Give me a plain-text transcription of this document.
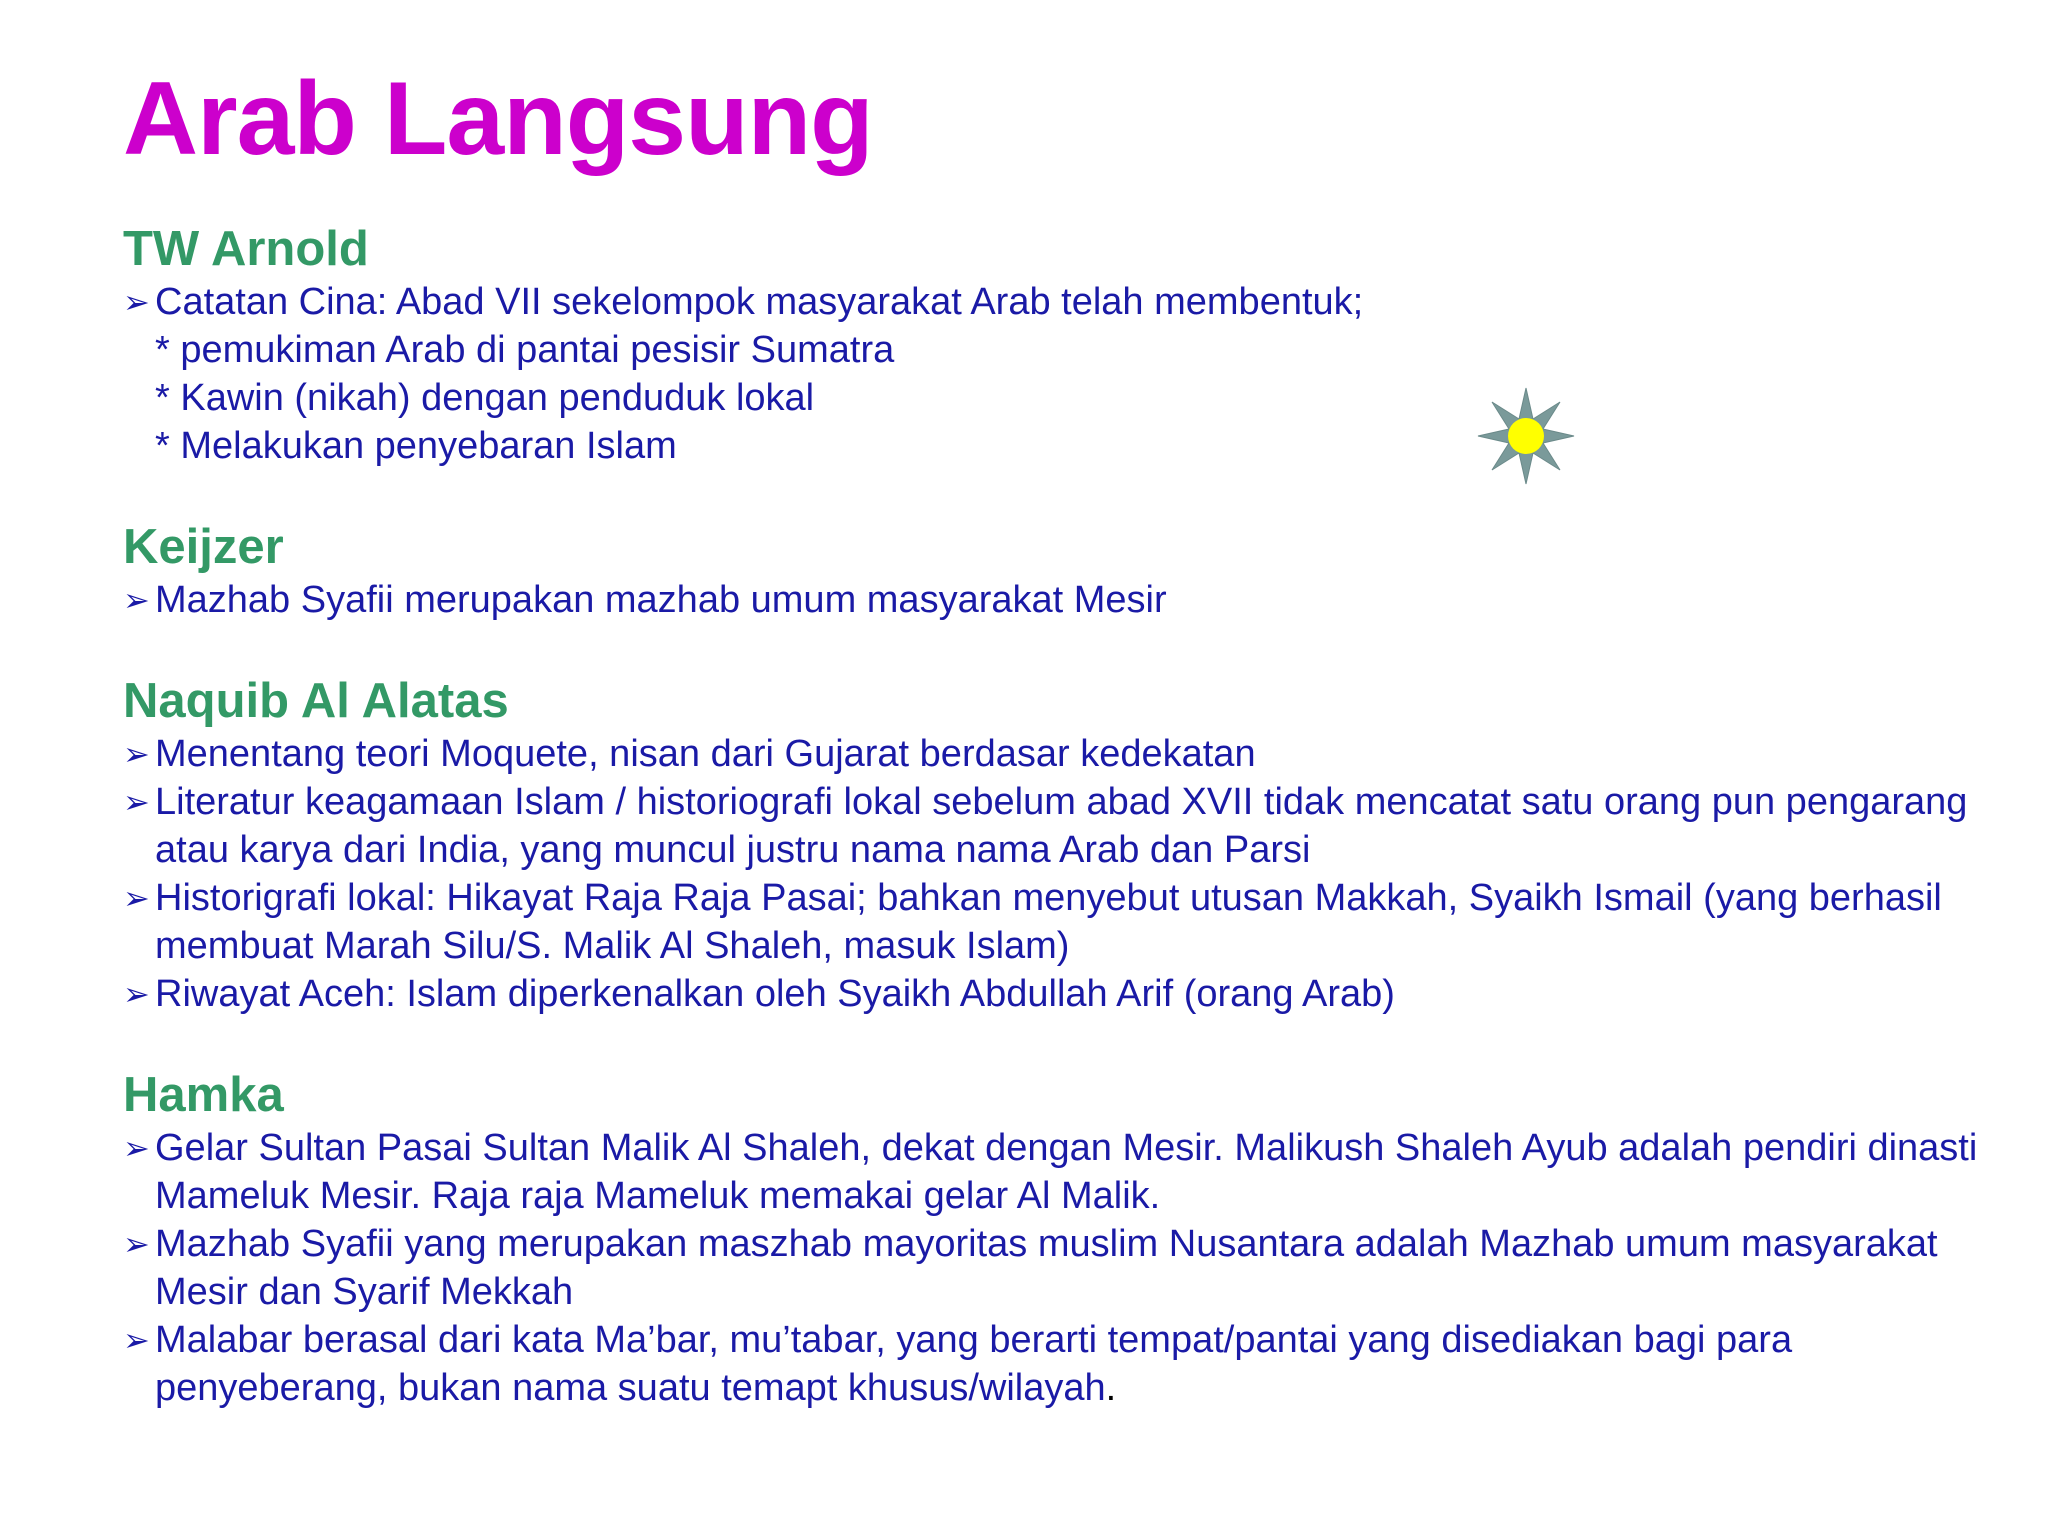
Arab Langsung
TW Arnold
➢ Catatan Cina: Abad VII sekelompok masyarakat Arab telah membentuk;
* pemukiman Arab di pantai pesisir Sumatra
* Kawin (nikah) dengan penduduk lokal
* Melakukan penyebaran Islam
Keijzer
➢ Mazhab Syafii merupakan mazhab umum masyarakat Mesir
Naquib Al Alatas
➢ Menentang teori Moquete, nisan dari Gujarat berdasar kedekatan
➢ Literatur keagamaan Islam / historiografi lokal sebelum abad XVII tidak mencatat satu orang pun pengarang atau karya dari India, yang muncul justru nama nama Arab dan Parsi
➢ Historigrafi lokal: Hikayat Raja Raja Pasai; bahkan menyebut utusan Makkah, Syaikh Ismail (yang berhasil membuat Marah Silu/S. Malik Al Shaleh, masuk Islam)
➢ Riwayat Aceh: Islam diperkenalkan oleh Syaikh Abdullah Arif (orang Arab)
Hamka
➢ Gelar Sultan Pasai Sultan Malik Al Shaleh, dekat dengan Mesir. Malikush Shaleh Ayub adalah pendiri dinasti Mameluk Mesir. Raja raja Mameluk memakai gelar Al Malik.
➢ Mazhab Syafii yang merupakan maszhab mayoritas muslim Nusantara adalah Mazhab umum masyarakat Mesir dan Syarif Mekkah
➢ Malabar berasal dari kata Ma’bar, mu’tabar, yang berarti tempat/pantai yang disediakan bagi para penyeberang, bukan nama suatu temapt khusus/wilayah.
